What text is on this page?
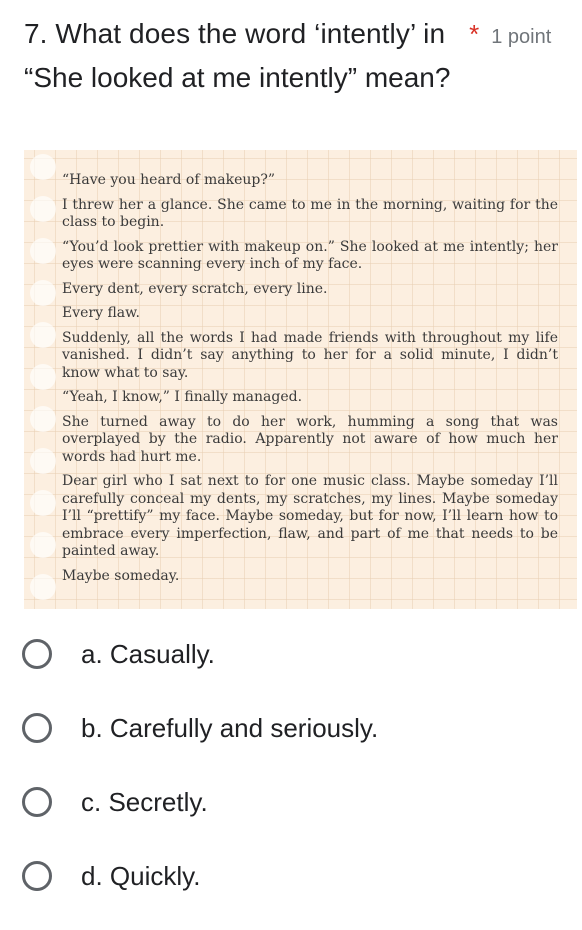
7. What does the word ‘intently’ in * 1 point
“She looked at me intently” mean?

“Have you heard of makeup?”

I threw her a glance. She came to me in the morning, waiting for the class to begin.

“You’d look prettier with makeup on.” She looked at me intently; her eyes were scanning every inch of my face.

Every dent, every scratch, every line.

Every flaw.

Suddenly, all the words I had made friends with throughout my life vanished. I didn’t say anything to her for a solid minute, I didn’t know what to say.

“Yeah, I know,” I finally managed.

She turned away to do her work, humming a song that was overplayed by the radio. Apparently not aware of how much her words had hurt me.

Dear girl who I sat next to for one music class. Maybe someday I’ll carefully conceal my dents, my scratches, my lines. Maybe someday I’ll “prettify” my face. Maybe someday, but for now, I’ll learn how to embrace every imperfection, flaw, and part of me that needs to be painted away.

Maybe someday.

a. Casually.
b. Carefully and seriously.
c. Secretly.
d. Quickly.
